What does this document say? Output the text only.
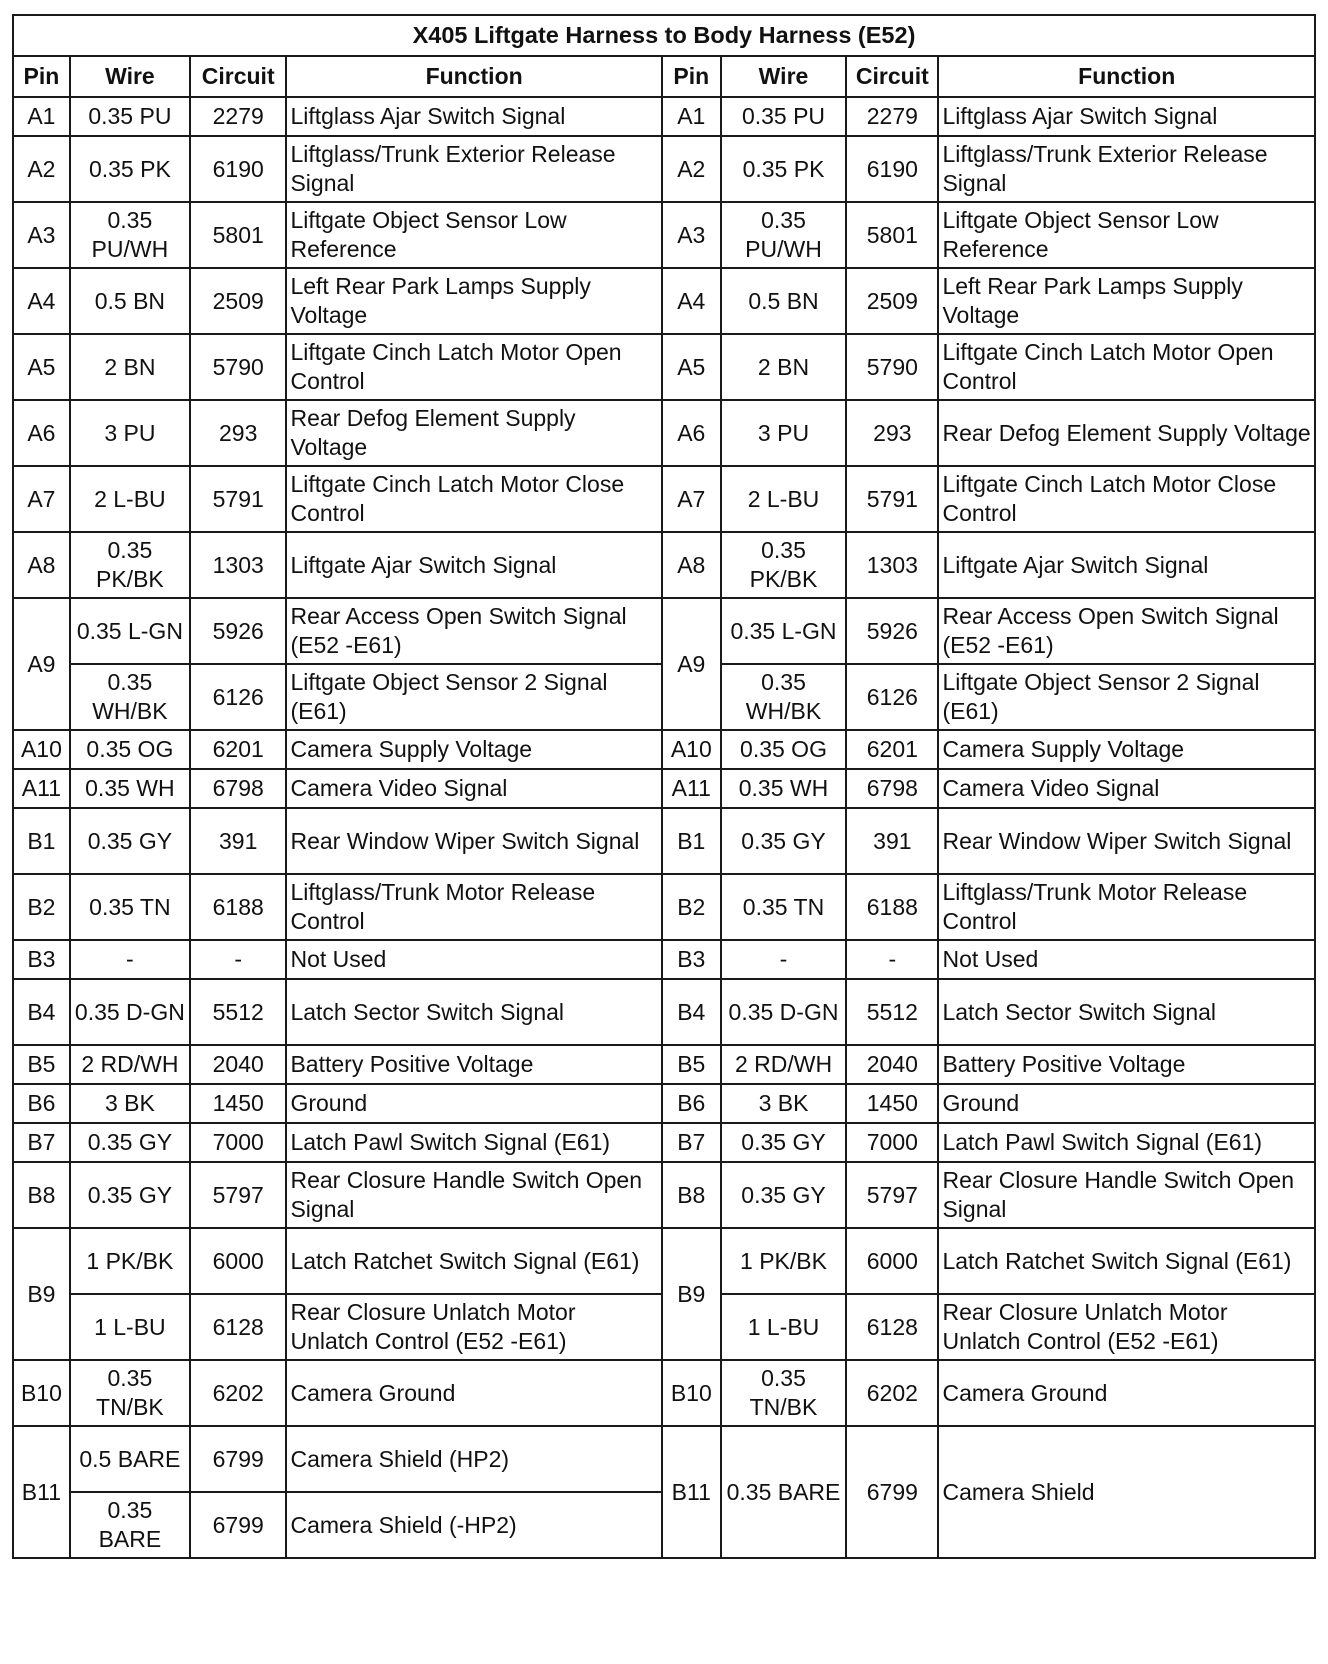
X405 Liftgate Harness to Body Harness (E52)							
Pin	Wire	Circuit	Function		Pin	Wire	Circuit	Function
A1	0.35 PU	2279	Liftglass Ajar Switch Signal		A1	0.35 PU	2279	Liftglass Ajar Switch Signal
A2	0.35 PK	6190	Liftglass/Trunk Exterior Release Signal		A2	0.35 PK	6190	Liftglass/Trunk Exterior Release Signal
A3	0.35 PU/WH	5801	Liftgate Object Sensor Low Reference		A3	0.35 PU/WH	5801	Liftgate Object Sensor Low Reference
A4	0.5 BN	2509	Left Rear Park Lamps Supply Voltage		A4	0.5 BN	2509	Left Rear Park Lamps Supply Voltage
A5	2 BN	5790	Liftgate Cinch Latch Motor Open Control		A5	2 BN	5790	Liftgate Cinch Latch Motor Open Control
A6	3 PU	293	Rear Defog Element Supply Voltage		A6	3 PU	293	Rear Defog Element Supply Voltage
A7	2 L-BU	5791	Liftgate Cinch Latch Motor Close Control		A7	2 L-BU	5791	Liftgate Cinch Latch Motor Close Control
A8	0.35 PK/BK	1303	Liftgate Ajar Switch Signal		A8	0.35 PK/BK	1303	Liftgate Ajar Switch Signal
A9	0.35 L-GN	5926	Rear Access Open Switch Signal (E52 -E61)		A9	0.35 L-GN	5926	Rear Access Open Switch Signal (E52 -E61)
	0.35 WH/BK	6126	Liftgate Object Sensor 2 Signal (E61)		0.35 WH/BK	6126	Liftgate Object Sensor 2 Signal (E61)
A10	0.35 OG	6201	Camera Supply Voltage		A10	0.35 OG	6201	Camera Supply Voltage
A11	0.35 WH	6798	Camera Video Signal		A11	0.35 WH	6798	Camera Video Signal
B1	0.35 GY	391	Rear Window Wiper Switch Signal		B1	0.35 GY	391	Rear Window Wiper Switch Signal
B2	0.35 TN	6188	Liftglass/Trunk Motor Release Control		B2	0.35 TN	6188	Liftglass/Trunk Motor Release Control
B3	-	-	Not Used		B3	-	-	Not Used
B4	0.35 D-GN	5512	Latch Sector Switch Signal		B4	0.35 D-GN	5512	Latch Sector Switch Signal
B5	2 RD/WH	2040	Battery Positive Voltage		B5	2 RD/WH	2040	Battery Positive Voltage
B6	3 BK	1450	Ground		B6	3 BK	1450	Ground
B7	0.35 GY	7000	Latch Pawl Switch Signal (E61)		B7	0.35 GY	7000	Latch Pawl Switch Signal (E61)
B8	0.35 GY	5797	Rear Closure Handle Switch Open Signal		B8	0.35 GY	5797	Rear Closure Handle Switch Open Signal
B9	1 PK/BK	6000	Latch Ratchet Switch Signal (E61)		B9	1 PK/BK	6000	Latch Ratchet Switch Signal (E61)
	1 L-BU	6128	Rear Closure Unlatch Motor Unlatch Control (E52 -E61)		1 L-BU	6128	Rear Closure Unlatch Motor Unlatch Control (E52 -E61)
B10	0.35 TN/BK	6202	Camera Ground		B10	0.35 TN/BK	6202	Camera Ground
B11	0.5 BARE	6799	Camera Shield (HP2)		B11	0.35 BARE	6799	Camera Shield
	0.35 BARE	6799	Camera Shield (-HP2)				
